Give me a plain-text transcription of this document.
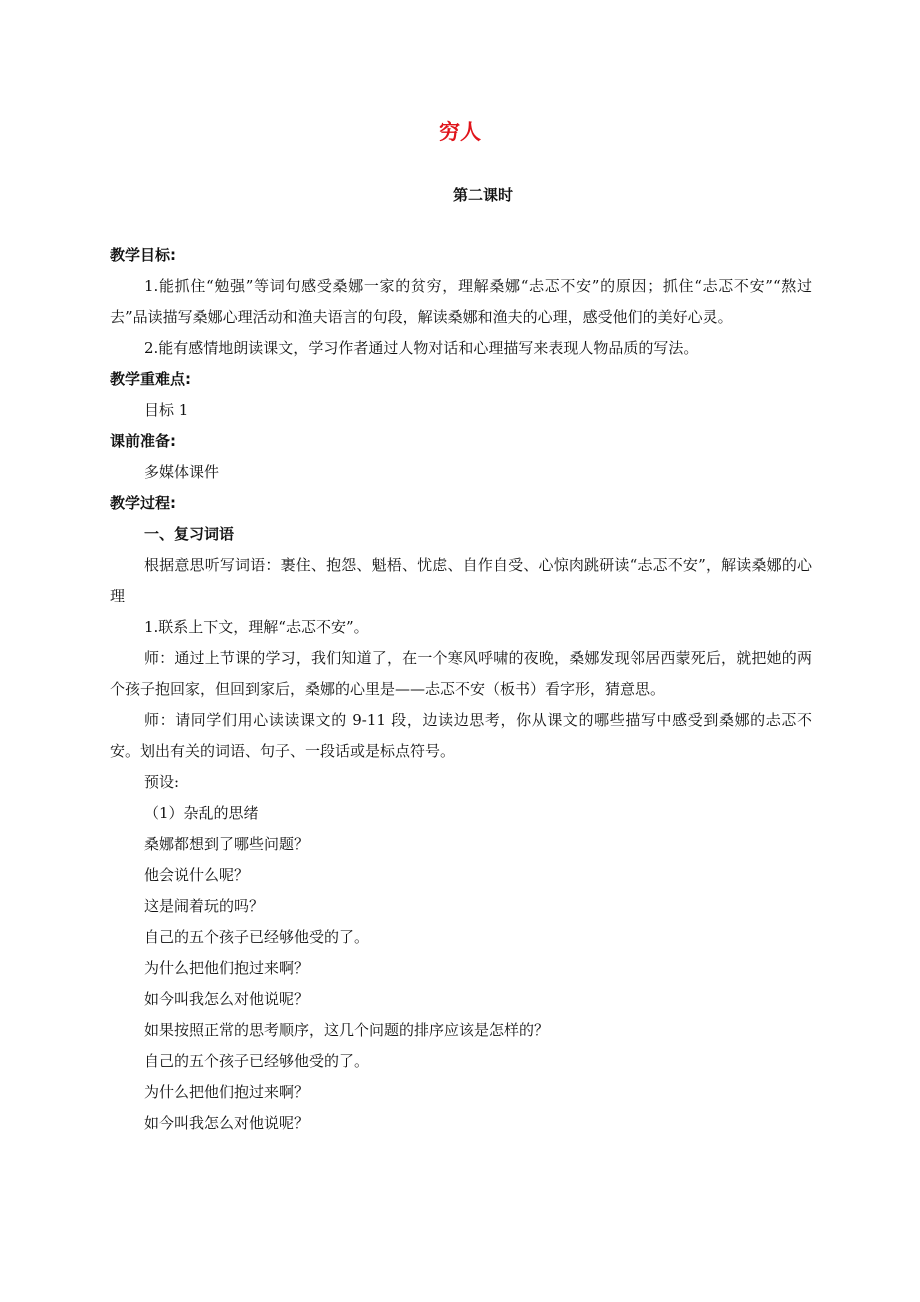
穷人
第二课时

教学目标:

1.能抓住“勉强”等词句感受桑娜一家的贫穷，理解桑娜“忐忑不安”的原因；抓住“忐忑不安”“熬过去”品读描写桑娜心理活动和渔夫语言的句段，解读桑娜和渔夫的心理，感受他们的美好心灵。

2.能有感情地朗读课文，学习作者通过人物对话和心理描写来表现人物品质的写法。

教学重难点:

目标 1

课前准备:

多媒体课件

教学过程:

一、复习词语

根据意思听写词语：裹住、抱怨、魁梧、忧虑、自作自受、心惊肉跳研读“忐忑不安”，解读桑娜的心理

1.联系上下文，理解“忐忑不安”。

师：通过上节课的学习，我们知道了，在一个寒风呼啸的夜晚，桑娜发现邻居西蒙死后，就把她的两个孩子抱回家，但回到家后，桑娜的心里是——忐忑不安（板书）看字形，猜意思。

师：请同学们用心读读课文的 9-11 段，边读边思考，你从课文的哪些描写中感受到桑娜的忐忑不安。划出有关的词语、句子、一段话或是标点符号。

预设:

（1）杂乱的思绪

桑娜都想到了哪些问题？

他会说什么呢？

这是闹着玩的吗？

自己的五个孩子已经够他受的了。

为什么把他们抱过来啊？

如今叫我怎么对他说呢？

如果按照正常的思考顺序，这几个问题的排序应该是怎样的？

自己的五个孩子已经够他受的了。

为什么把他们抱过来啊？

如今叫我怎么对他说呢？
